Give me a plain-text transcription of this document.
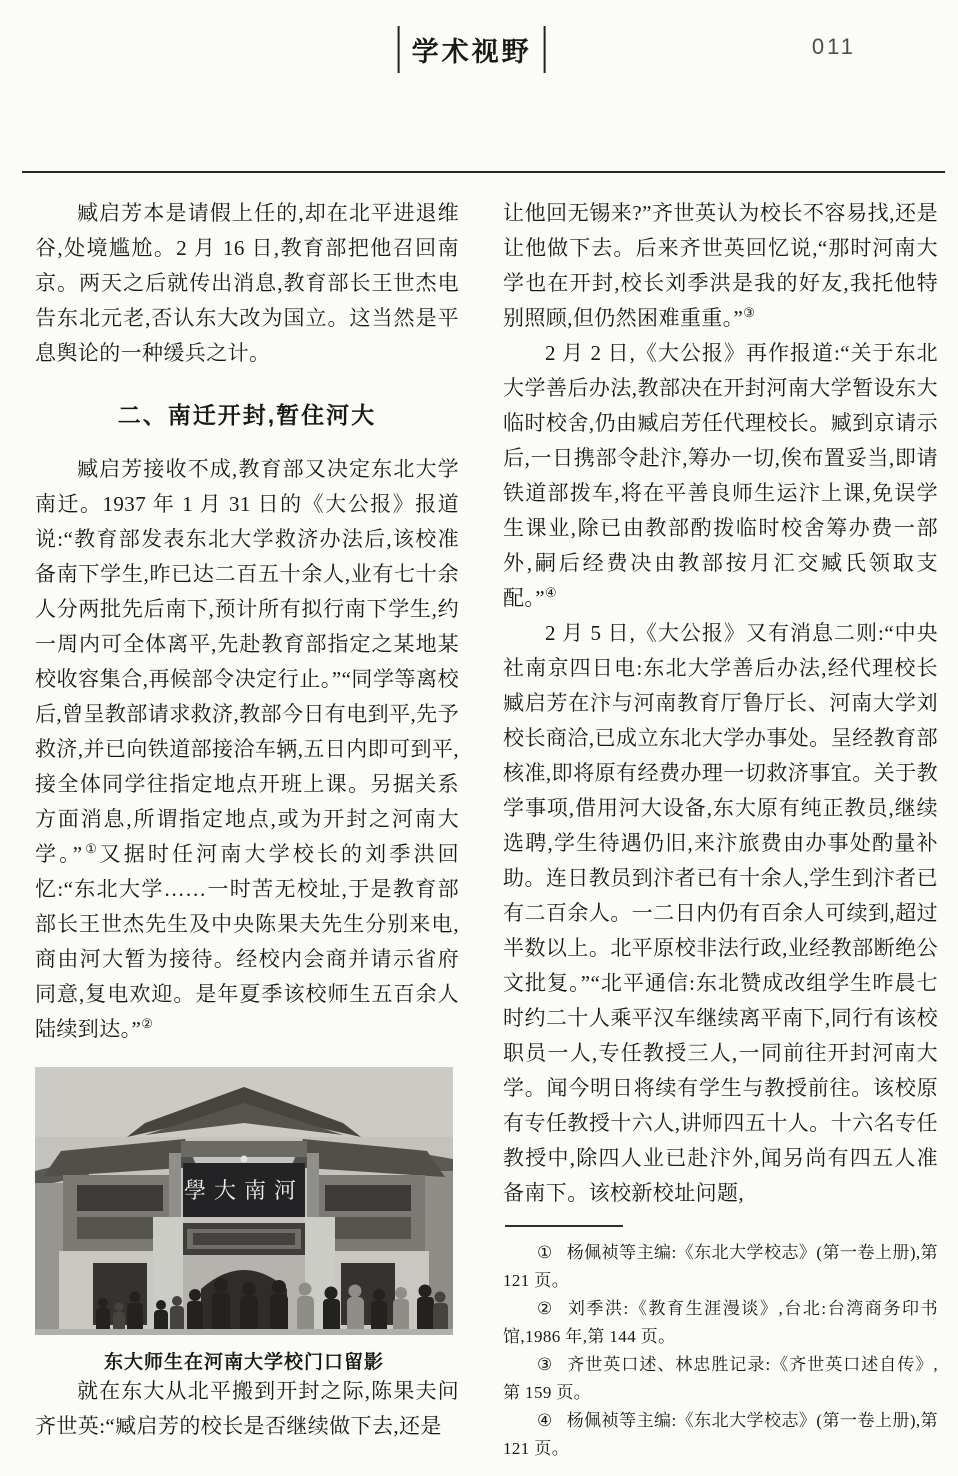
学术视野	011

臧启芳本是请假上任的,却在北平进退维谷,处境尴尬。2 月 16 日,教育部把他召回南京。两天之后就传出消息,教育部长王世杰电告东北元老,否认东大改为国立。这当然是平息舆论的一种缓兵之计。

二、南迁开封,暂住河大

臧启芳接收不成,教育部又决定东北大学南迁。1937 年 1 月 31 日的《大公报》报道说:“教育部发表东北大学救济办法后,该校准备南下学生,昨已达二百五十余人,业有七十余人分两批先后南下,预计所有拟行南下学生,约一周内可全体离平,先赴教育部指定之某地某校收容集合,再候部令决定行止。”“同学等离校后,曾呈教部请求救济,教部今日有电到平,先予救济,并已向铁道部接洽车辆,五日内即可到平,接全体同学往指定地点开班上课。另据关系方面消息,所谓指定地点,或为开封之河南大学。”①又据时任河南大学校长的刘季洪回忆:“东北大学……一时苦无校址,于是教育部部长王世杰先生及中央陈果夫先生分别来电,商由河大暂为接待。经校内会商并请示省府同意,复电欢迎。是年夏季该校师生五百余人陆续到达。”②

學大南河
东大师生在河南大学校门口留影

就在东大从北平搬到开封之际,陈果夫问齐世英:“臧启芳的校长是否继续做下去,还是

让他回无锡来?”齐世英认为校长不容易找,还是让他做下去。后来齐世英回忆说,“那时河南大学也在开封,校长刘季洪是我的好友,我托他特别照顾,但仍然困难重重。”③

2 月 2 日,《大公报》再作报道:“关于东北大学善后办法,教部决在开封河南大学暂设东大临时校舍,仍由臧启芳任代理校长。臧到京请示后,一日携部令赴汴,筹办一切,俟布置妥当,即请铁道部拨车,将在平善良师生运汴上课,免误学生课业,除已由教部酌拨临时校舍筹办费一部外,嗣后经费决由教部按月汇交臧氏领取支配。”④

2 月 5 日,《大公报》又有消息二则:“中央社南京四日电:东北大学善后办法,经代理校长臧启芳在汴与河南教育厅鲁厅长、河南大学刘校长商洽,已成立东北大学办事处。呈经教育部核准,即将原有经费办理一切救济事宜。关于教学事项,借用河大设备,东大原有纯正教员,继续选聘,学生待遇仍旧,来汴旅费由办事处酌量补助。连日教员到汴者已有十余人,学生到汴者已有二百余人。一二日内仍有百余人可续到,超过半数以上。北平原校非法行政,业经教部断绝公文批复。”“北平通信:东北赞成改组学生昨晨七时约二十人乘平汉车继续离平南下,同行有该校职员一人,专任教授三人,一同前往开封河南大学。闻今明日将续有学生与教授前往。该校原有专任教授十六人,讲师四五十人。十六名专任教授中,除四人业已赴汴外,闻另尚有四五人准备南下。该校新校址问题,

① 杨佩祯等主编:《东北大学校志》(第一卷上册),第 121 页。

② 刘季洪:《教育生涯漫谈》,台北:台湾商务印书馆,1986 年,第 144 页。

③ 齐世英口述、林忠胜记录:《齐世英口述自传》,第 159 页。

④ 杨佩祯等主编:《东北大学校志》(第一卷上册),第 121 页。
